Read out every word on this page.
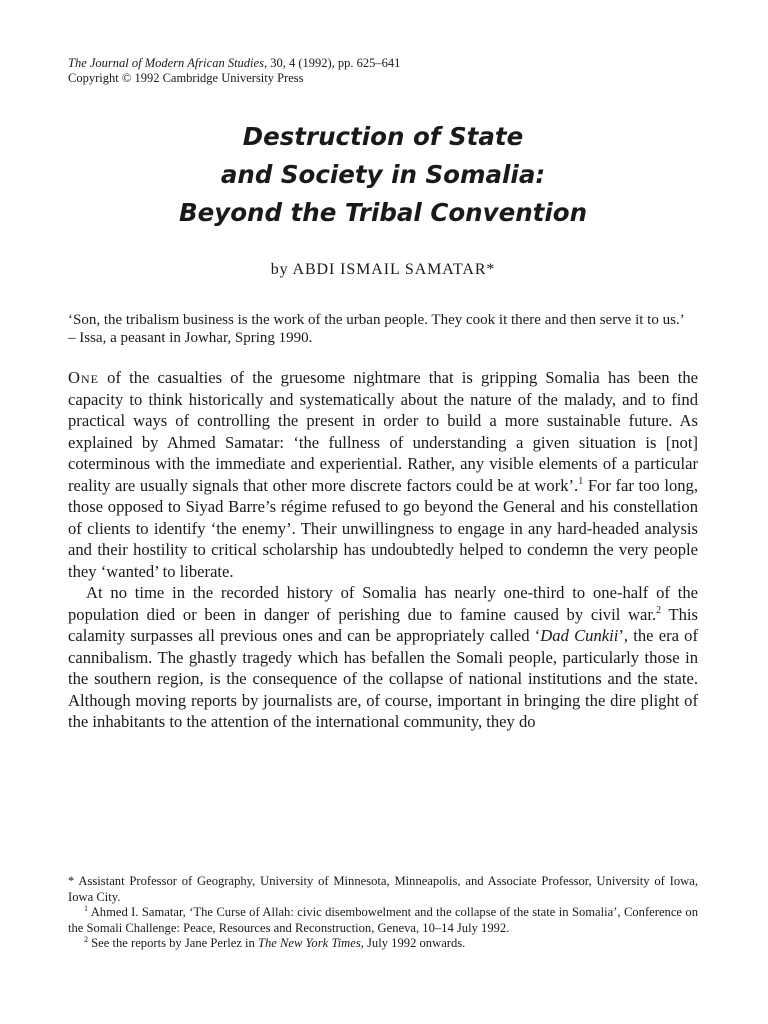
The Journal of Modern African Studies, 30, 4 (1992), pp. 625–641
Copyright © 1992 Cambridge University Press
Destruction of State
and Society in Somalia:
Beyond the Tribal Convention
by ABDI ISMAIL SAMATAR*

‘Son, the tribalism business is the work of the urban people. They cook it there and then serve it to us.’

– Issa, a peasant in Jowhar, Spring 1990.

One of the casualties of the gruesome nightmare that is gripping Somalia has been the capacity to think historically and systematically about the nature of the malady, and to find practical ways of controlling the present in order to build a more sustainable future. As explained by Ahmed Samatar: ‘the fullness of understanding a given situation is [not] coterminous with the immediate and experiential. Rather, any visible elements of a particular reality are usually signals that other more discrete factors could be at work’.$^1$ For far too long, those opposed to Siyad Barre’s régime refused to go beyond the General and his constellation of clients to identify ‘the enemy’. Their unwillingness to engage in any hard-headed analysis and their hostility to critical scholarship has undoubtedly helped to condemn the very people they ‘wanted’ to liberate.

At no time in the recorded history of Somalia has nearly one-third to one-half of the population died or been in danger of perishing due to famine caused by civil war.$^2$ This calamity surpasses all previous ones and can be appropriately called ‘Dad Cunkii’, the era of cannibalism. The ghastly tragedy which has befallen the Somali people, particularly those in the southern region, is the consequence of the collapse of national institutions and the state. Although moving reports by journalists are, of course, important in bringing the dire plight of the inhabitants to the attention of the international community, they do

* Assistant Professor of Geography, University of Minnesota, Minneapolis, and Associate Professor, University of Iowa, Iowa City.

$^1$ Ahmed I. Samatar, ‘The Curse of Allah: civic disembowelment and the collapse of the state in Somalia’, Conference on the Somali Challenge: Peace, Resources and Reconstruction, Geneva, 10–14 July 1992.

$^2$ See the reports by Jane Perlez in The New York Times, July 1992 onwards.
